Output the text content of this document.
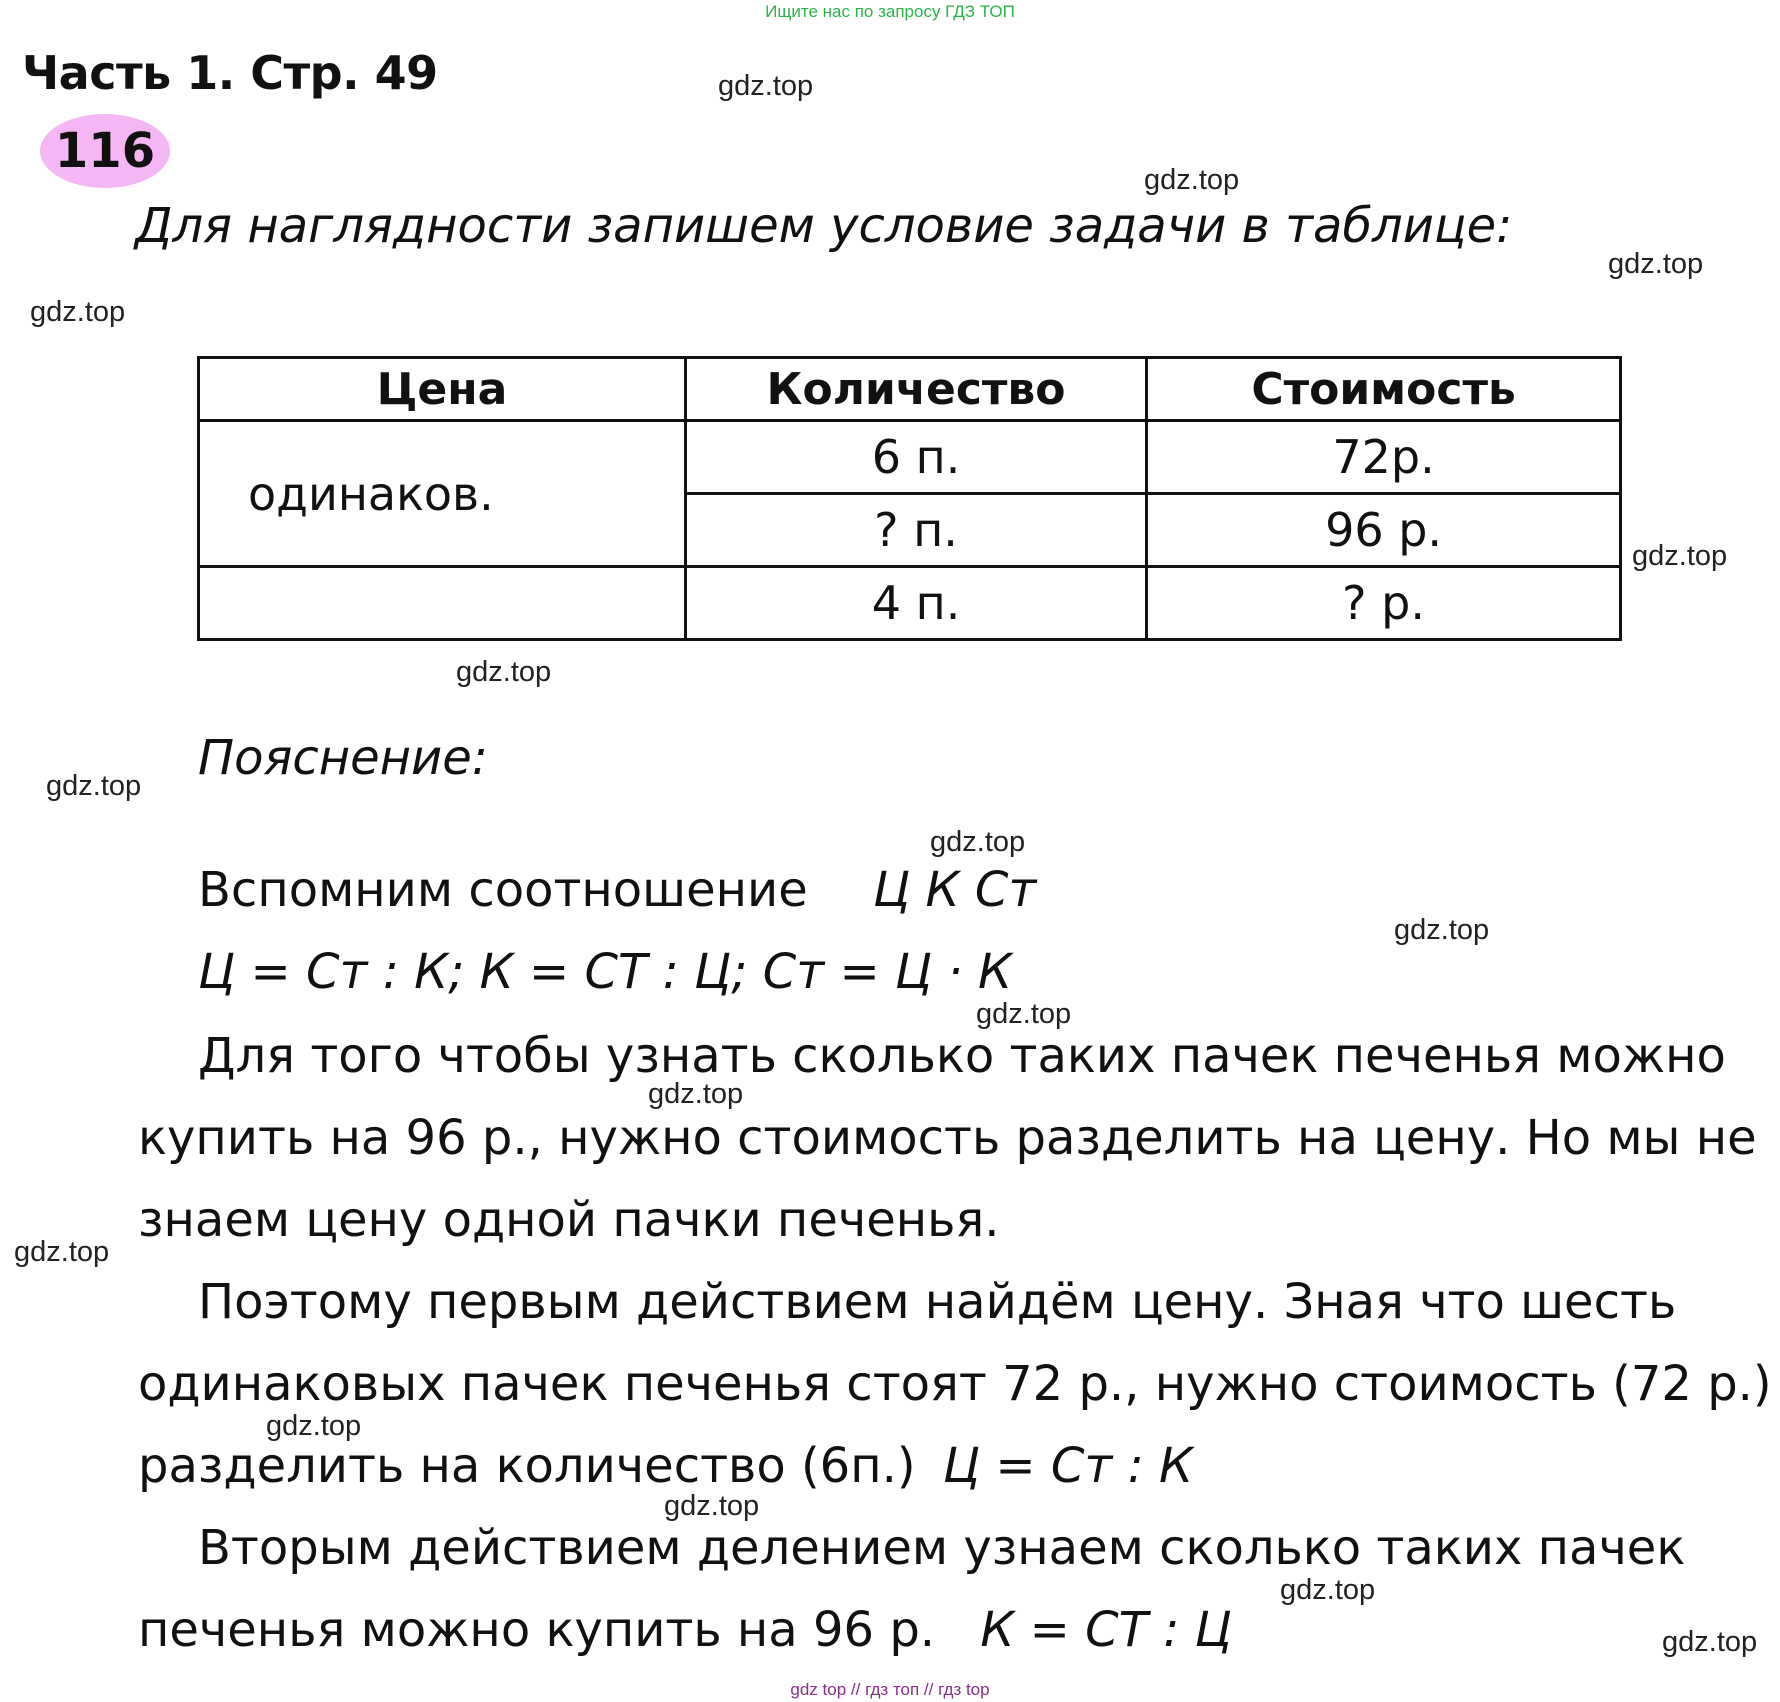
Ищите нас по запросу ГДЗ ТОП
Часть 1. Стр. 49
116
Для наглядности запишем условие задачи в таблице:
Цена	Количество	Стоимость
одинаков.	6 п.	72р.
	? п.	96 р.
	4 п.	? р.
Пояснение:
Вспомним соотношение Ц К Ст
Ц = Ст : К; К = СТ : Ц; Ст = Ц · К
Для того чтобы узнать сколько таких пачек печенья можно
купить на 96 р., нужно стоимость разделить на цену. Но мы не
знаем цену одной пачки печенья.
Поэтому первым действием найдём цену. Зная что шесть
одинаковых пачек печенья стоят 72 р., нужно стоимость (72 р.)
разделить на количество (6п.) Ц = Ст : К
Вторым действием делением узнаем сколько таких пачек
печенья можно купить на 96 р. К = СТ : Ц
gdz.top
gdz.top
gdz.top
gdz.top
gdz.top
gdz.top
gdz.top
gdz.top
gdz.top
gdz.top
gdz.top
gdz.top
gdz.top
gdz.top
gdz.top
gdz.top
gdz top // гдз топ // гдз top
